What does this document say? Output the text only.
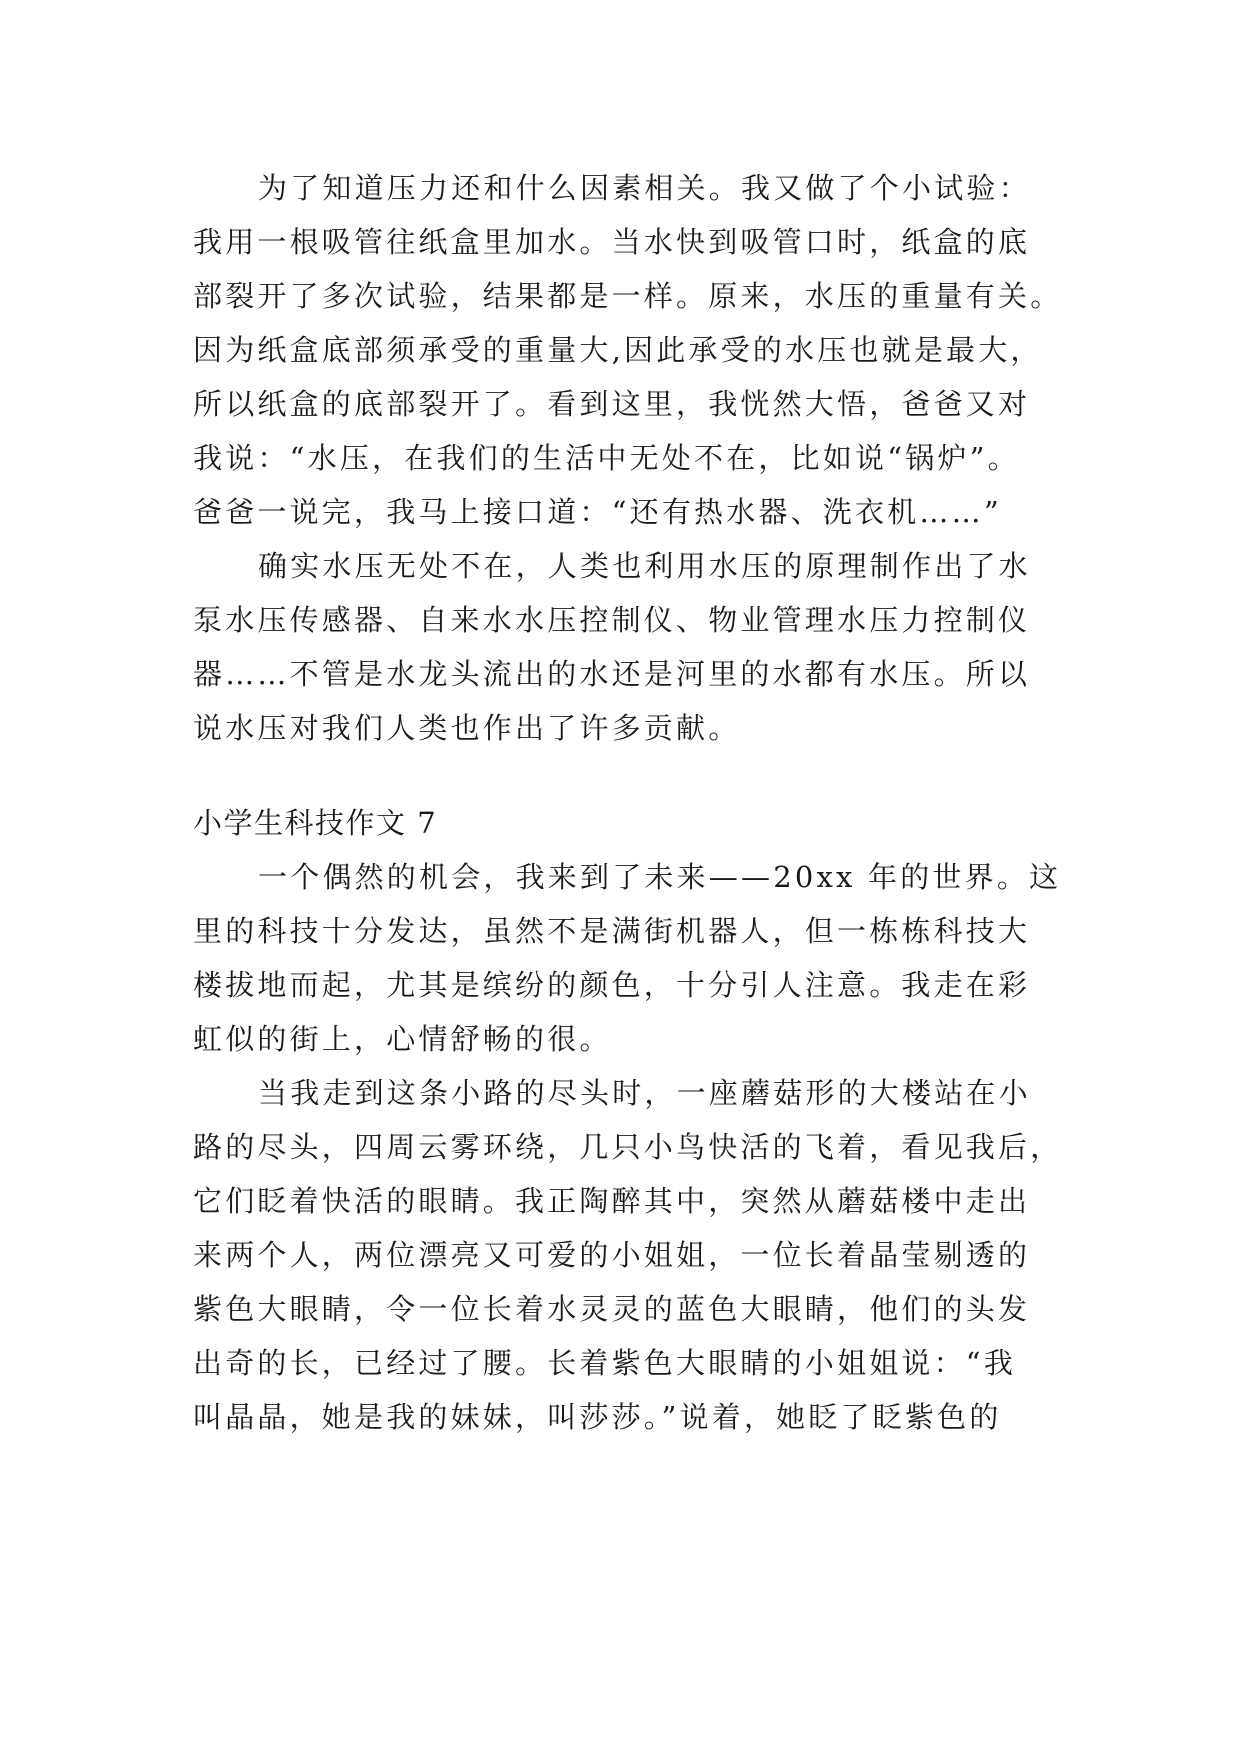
为了知道压力还和什么因素相关。我又做了个小试验：
我用一根吸管往纸盒里加水。当水快到吸管口时，纸盒的底
部裂开了多次试验，结果都是一样。原来，水压的重量有关。
因为纸盒底部须承受的重量大,因此承受的水压也就是最大，
所以纸盒的底部裂开了。看到这里，我恍然大悟，爸爸又对
我说：“水压，在我们的生活中无处不在，比如说“锅炉”。
爸爸一说完，我马上接口道：“还有热水器、洗衣机……”
确实水压无处不在，人类也利用水压的原理制作出了水
泵水压传感器、自来水水压控制仪、物业管理水压力控制仪
器……不管是水龙头流出的水还是河里的水都有水压。所以
说水压对我们人类也作出了许多贡献。
小学生科技作文 7
一个偶然的机会，我来到了未来——20xx 年的世界。这
里的科技十分发达，虽然不是满街机器人，但一栋栋科技大
楼拔地而起，尤其是缤纷的颜色，十分引人注意。我走在彩
虹似的街上，心情舒畅的很。
当我走到这条小路的尽头时，一座蘑菇形的大楼站在小
路的尽头，四周云雾环绕，几只小鸟快活的飞着，看见我后，
它们眨着快活的眼睛。我正陶醉其中，突然从蘑菇楼中走出
来两个人，两位漂亮又可爱的小姐姐，一位长着晶莹剔透的
紫色大眼睛，令一位长着水灵灵的蓝色大眼睛，他们的头发
出奇的长，已经过了腰。长着紫色大眼睛的小姐姐说：“我
叫晶晶，她是我的妹妹，叫莎莎。”说着，她眨了眨紫色的
